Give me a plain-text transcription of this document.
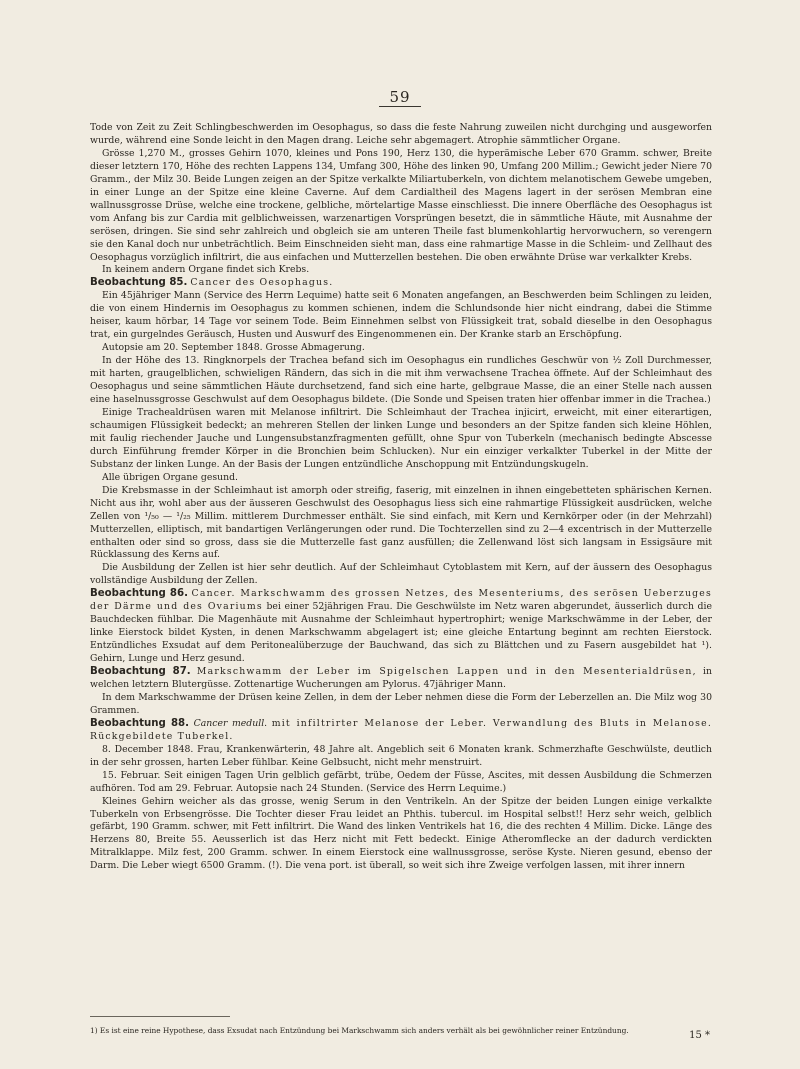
59

Tode von Zeit zu Zeit Schlingbeschwerden im Oesophagus, so dass die feste Nahrung zuweilen nicht durchging und ausgeworfen wurde, während eine Sonde leicht in den Magen drang. Leiche sehr abgemagert. Atrophie sämmtlicher Organe.

Grösse 1,270 M., grosses Gehirn 1070, kleines und Pons 190, Herz 130, die hyperämische Leber 670 Gramm. schwer, Breite dieser letztern 170, Höhe des rechten Lappens 134, Umfang 300, Höhe des linken 90, Umfang 200 Millim.; Gewicht jeder Niere 70 Gramm., der Milz 30. Beide Lungen zeigen an der Spitze verkalkte Miliartuberkeln, von dichtem melanotischem Gewebe umgeben, in einer Lunge an der Spitze eine kleine Caverne. Auf dem Cardialtheil des Magens lagert in der serösen Membran eine wallnussgrosse Drüse, welche eine trockene, gelbliche, mörtelartige Masse einschliesst. Die innere Oberfläche des Oesophagus ist vom Anfang bis zur Cardia mit gelblichweissen, warzenartigen Vorsprüngen besetzt, die in sämmtliche Häute, mit Ausnahme der serösen, dringen. Sie sind sehr zahlreich und obgleich sie am unteren Theile fast blumenkohlartig hervorwuchern, so verengern sie den Kanal doch nur unbeträchtlich. Beim Einschneiden sieht man, dass eine rahmartige Masse in die Schleim- und Zellhaut des Oesophagus vorzüglich infiltrirt, die aus einfachen und Mutterzellen bestehen. Die oben erwähnte Drüse war verkalkter Krebs.

In keinem andern Organe findet sich Krebs.

Beobachtung 85. Cancer des Oesophagus.

Ein 45jähriger Mann (Service des Herrn Lequime) hatte seit 6 Monaten angefangen, an Beschwerden beim Schlingen zu leiden, die von einem Hindernis im Oesophagus zu kommen schienen, indem die Schlundsonde hier nicht eindrang, dabei die Stimme heiser, kaum hörbar, 14 Tage vor seinem Tode. Beim Einnehmen selbst von Flüssigkeit trat, sobald dieselbe in den Oesophagus trat, ein gurgelndes Geräusch, Husten und Auswurf des Eingenommenen ein. Der Kranke starb an Erschöpfung.

Autopsie am 20. September 1848. Grosse Abmagerung.

In der Höhe des 13. Ringknorpels der Trachea befand sich im Oesophagus ein rundliches Geschwür von ½ Zoll Durchmesser, mit harten, graugelblichen, schwieligen Rändern, das sich in die mit ihm verwachsene Trachea öffnete. Auf der Schleimhaut des Oesophagus und seine sämmtlichen Häute durchsetzend, fand sich eine harte, gelbgraue Masse, die an einer Stelle nach aussen eine haselnussgrosse Geschwulst auf dem Oesophagus bildete. (Die Sonde und Speisen traten hier offenbar immer in die Trachea.)

Einige Trachealdrüsen waren mit Melanose infiltrirt. Die Schleimhaut der Trachea injicirt, erweicht, mit einer eiterartigen, schaumigen Flüssigkeit bedeckt; an mehreren Stellen der linken Lunge und besonders an der Spitze fanden sich kleine Höhlen, mit faulig riechender Jauche und Lungensubstanzfragmenten gefüllt, ohne Spur von Tuberkeln (mechanisch bedingte Abscesse durch Einführung fremder Körper in die Bronchien beim Schlucken). Nur ein einziger verkalkter Tuberkel in der Mitte der Substanz der linken Lunge. An der Basis der Lungen entzündliche Anschoppung mit Entzündungskugeln.

Alle übrigen Organe gesund.

Die Krebsmasse in der Schleimhaut ist amorph oder streifig, faserig, mit einzelnen in ihnen eingebetteten sphärischen Kernen. Nicht aus ihr, wohl aber aus der äusseren Geschwulst des Oesophagus liess sich eine rahmartige Flüssigkeit ausdrücken, welche Zellen von ¹/₅₀ — ¹/₂₅ Millim. mittlerem Durchmesser enthält. Sie sind einfach, mit Kern und Kernkörper oder (in der Mehrzahl) Mutterzellen, elliptisch, mit bandartigen Verlängerungen oder rund. Die Tochterzellen sind zu 2—4 excentrisch in der Mutterzelle enthalten oder sind so gross, dass sie die Mutterzelle fast ganz ausfüllen; die Zellenwand löst sich langsam in Essigsäure mit Rücklassung des Kerns auf.

Die Ausbildung der Zellen ist hier sehr deutlich. Auf der Schleimhaut Cytoblastem mit Kern, auf der äussern des Oesophagus vollständige Ausbildung der Zellen.

Beobachtung 86. Cancer. Markschwamm des grossen Netzes, des Mesenteriums, des serösen Ueberzuges der Därme und des Ovariums bei einer 52jährigen Frau. Die Geschwülste im Netz waren abgerundet, äusserlich durch die Bauchdecken fühlbar. Die Magenhäute mit Ausnahme der Schleimhaut hypertrophirt; wenige Markschwämme in der Leber, der linke Eierstock bildet Kysten, in denen Markschwamm abgelagert ist; eine gleiche Entartung beginnt am rechten Eierstock. Entzündliches Exsudat auf dem Peritonealüberzuge der Bauchwand, das sich zu Blättchen und zu Fasern ausgebildet hat ¹). Gehirn, Lunge und Herz gesund.

Beobachtung 87. Markschwamm der Leber im Spigelschen Lappen und in den Mesenterialdrüsen, in welchen letztern Blutergüsse. Zottenartige Wucherungen am Pylorus. 47jähriger Mann.

In dem Markschwamme der Drüsen keine Zellen, in dem der Leber nehmen diese die Form der Leberzellen an. Die Milz wog 30 Grammen.

Beobachtung 88. Cancer medull. mit infiltrirter Melanose der Leber. Verwandlung des Bluts in Melanose. Rückgebildete Tuberkel.

8. December 1848. Frau, Krankenwärterin, 48 Jahre alt. Angeblich seit 6 Monaten krank. Schmerzhafte Geschwülste, deutlich in der sehr grossen, harten Leber fühlbar. Keine Gelbsucht, nicht mehr menstruirt.

15. Februar. Seit einigen Tagen Urin gelblich gefärbt, trübe, Oedem der Füsse, Ascites, mit dessen Ausbildung die Schmerzen aufhören. Tod am 29. Februar. Autopsie nach 24 Stunden. (Service des Herrn Lequime.)

Kleines Gehirn weicher als das grosse, wenig Serum in den Ventrikeln. An der Spitze der beiden Lungen einige verkalkte Tuberkeln von Erbsengrösse. Die Tochter dieser Frau leidet an Phthis. tubercul. im Hospital selbst!! Herz sehr weich, gelblich gefärbt, 190 Gramm. schwer, mit Fett infiltrirt. Die Wand des linken Ventrikels hat 16, die des rechten 4 Millim. Dicke. Länge des Herzens 80, Breite 55. Aeusserlich ist das Herz nicht mit Fett bedeckt. Einige Atheromflecke an der dadurch verdickten Mitralklappe. Milz fest, 200 Gramm. schwer. In einem Eierstock eine wallnussgrosse, seröse Kyste. Nieren gesund, ebenso der Darm. Die Leber wiegt 6500 Gramm. (!). Die vena port. ist überall, so weit sich ihre Zweige verfolgen lassen, mit ihrer innern

1) Es ist eine reine Hypothese, dass Exsudat nach Entzündung bei Markschwamm sich anders verhält als bei gewöhnlicher reiner Entzündung.	15 *
